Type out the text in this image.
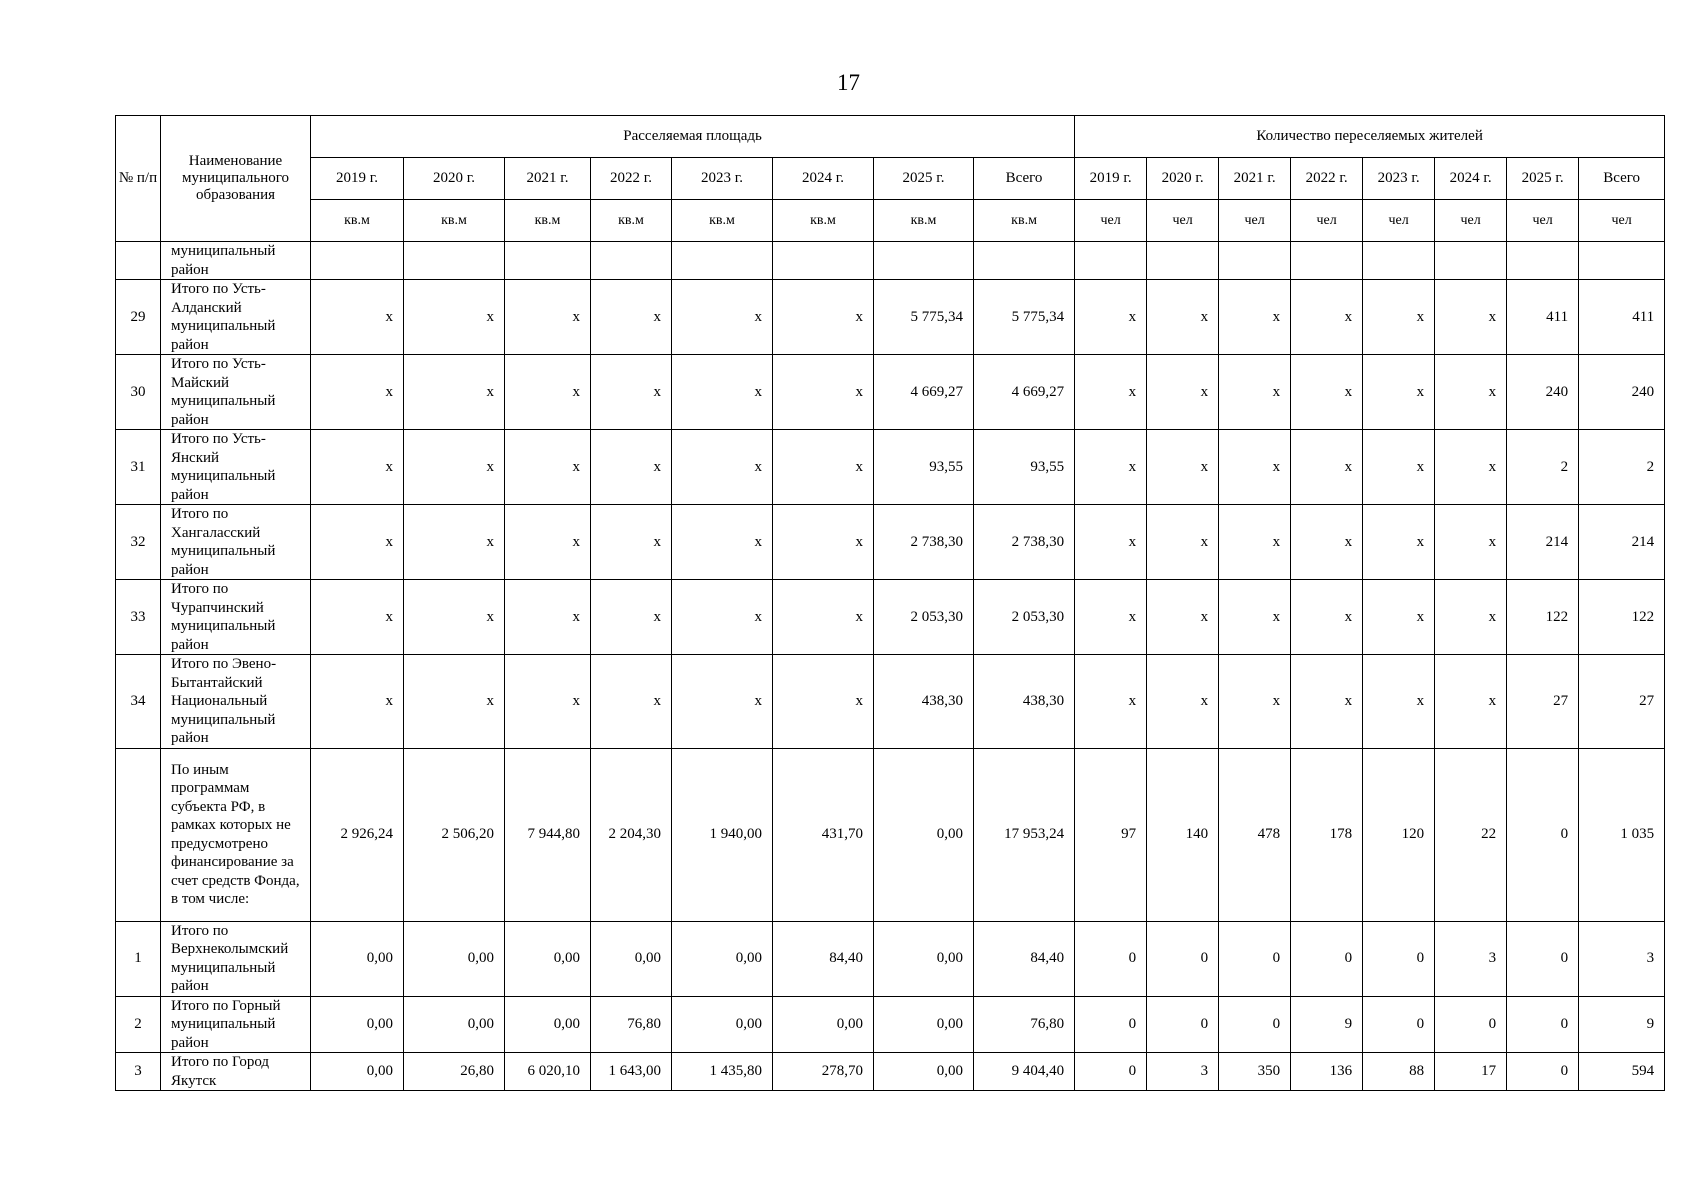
17
№ п/п	Наименование муниципального образования	Расселяемая площадь								Количество переселяемых жителей							
		2019 г.	2020 г.	2021 г.	2022 г.	2023 г.	2024 г.	2025 г.	Всего	2019 г.	2020 г.	2021 г.	2022 г.	2023 г.	2024 г.	2025 г.	Всего
		кв.м	кв.м	кв.м	кв.м	кв.м	кв.м	кв.м	кв.м	чел	чел	чел	чел	чел	чел	чел	чел
	муниципальный район																
29	Итого по Усть-Алданский муниципальный район	х	х	х	х	х	х	5 775,34	5 775,34	х	х	х	х	х	х	411	411
30	Итого по Усть-Майский муниципальный район	х	х	х	х	х	х	4 669,27	4 669,27	х	х	х	х	х	х	240	240
31	Итого по Усть-Янский муниципальный район	х	х	х	х	х	х	93,55	93,55	х	х	х	х	х	х	2	2
32	Итого по Хангаласский муниципальный район	х	х	х	х	х	х	2 738,30	2 738,30	х	х	х	х	х	х	214	214
33	Итого по Чурапчинский муниципальный район	х	х	х	х	х	х	2 053,30	2 053,30	х	х	х	х	х	х	122	122
34	Итого по Эвено-Бытантайский Национальный муниципальный район	х	х	х	х	х	х	438,30	438,30	х	х	х	х	х	х	27	27
	По иным программам субъекта РФ, в рамках которых не предусмотрено финансирование за счет средств Фонда, в том числе:	2 926,24	2 506,20	7 944,80	2 204,30	1 940,00	431,70	0,00	17 953,24	97	140	478	178	120	22	0	1 035
1	Итого по Верхнеколымский муниципальный район	0,00	0,00	0,00	0,00	0,00	84,40	0,00	84,40	0	0	0	0	0	3	0	3
2	Итого по Горный муниципальный район	0,00	0,00	0,00	76,80	0,00	0,00	0,00	76,80	0	0	0	9	0	0	0	9
3	Итого по Город Якутск	0,00	26,80	6 020,10	1 643,00	1 435,80	278,70	0,00	9 404,40	0	3	350	136	88	17	0	594
